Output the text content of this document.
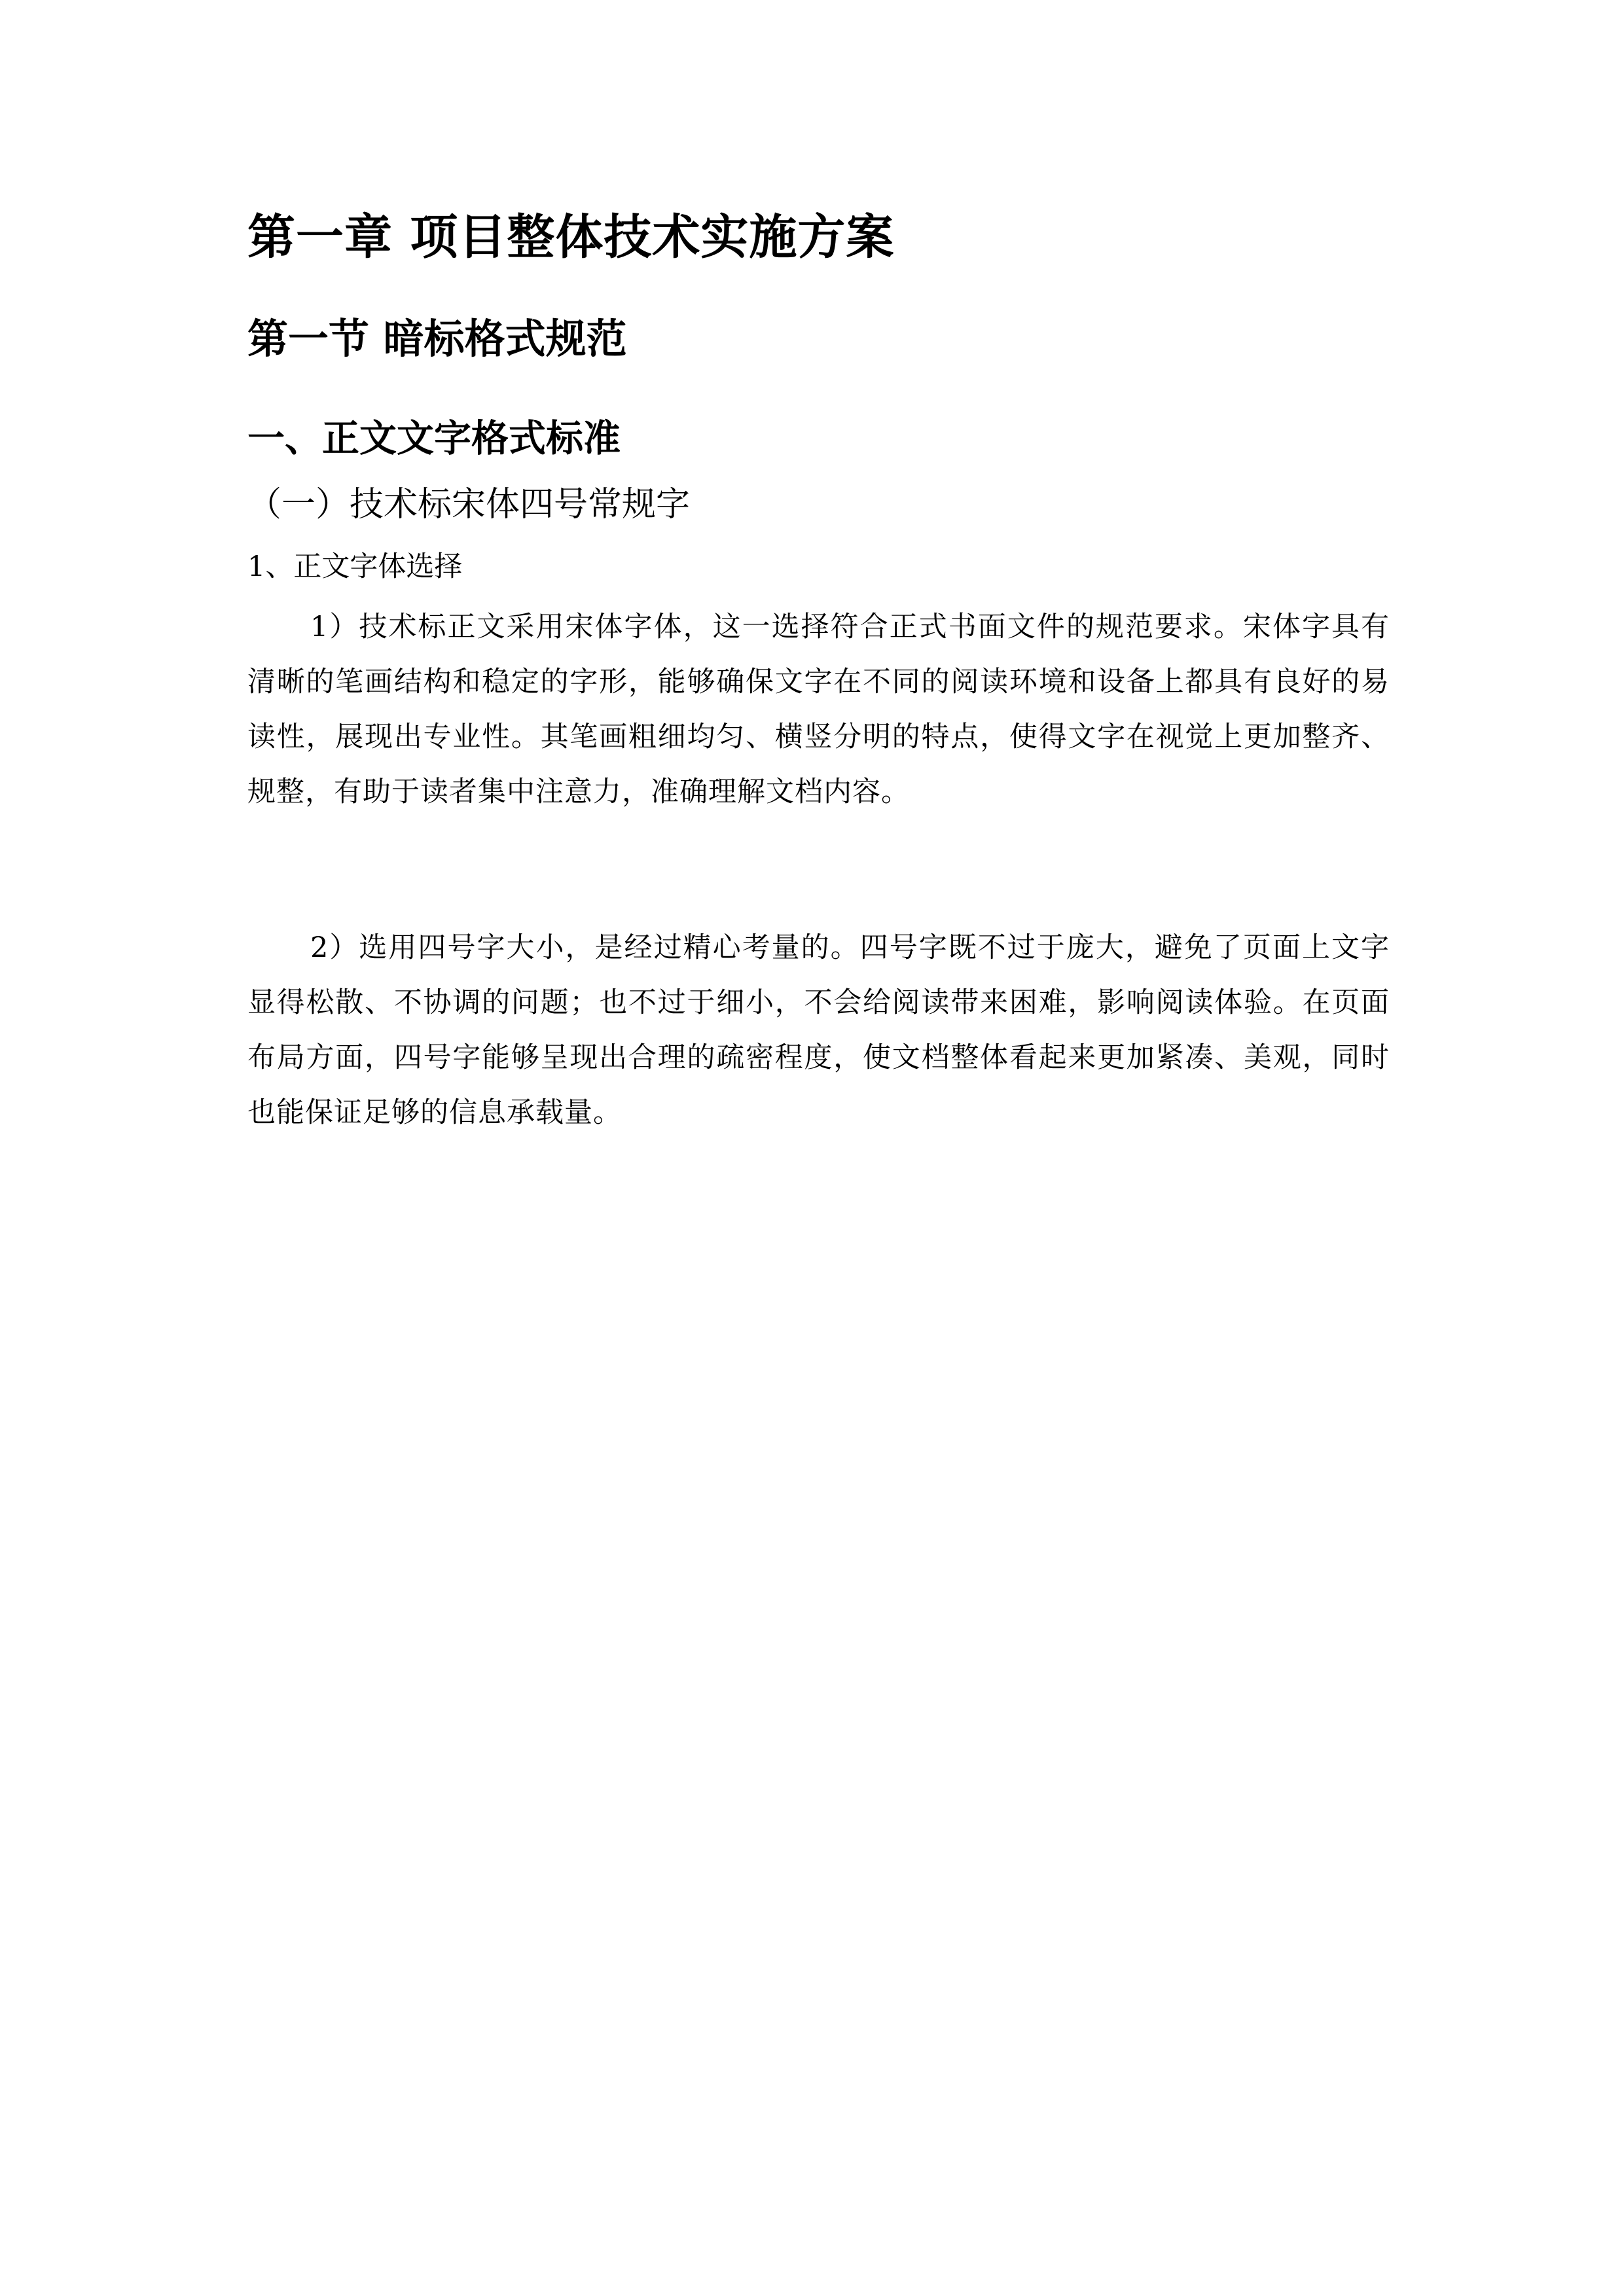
第一章 项目整体技术实施方案
第一节 暗标格式规范
一、正文文字格式标准
（一）技术标宋体四号常规字
1、正文字体选择

1）技术标正文采用宋体字体，这一选择符合正式书面文件的规范要求。宋体字具有清晰的笔画结构和稳定的字形，能够确保文字在不同的阅读环境和设备上都具有良好的易读性，展现出专业性。其笔画粗细均匀、横竖分明的特点，使得文字在视觉上更加整齐、规整，有助于读者集中注意力，准确理解文档内容。

2）选用四号字大小，是经过精心考量的。四号字既不过于庞大，避免了页面上文字显得松散、不协调的问题；也不过于细小，不会给阅读带来困难，影响阅读体验。在页面布局方面，四号字能够呈现出合理的疏密程度，使文档整体看起来更加紧凑、美观，同时也能保证足够的信息承载量。
